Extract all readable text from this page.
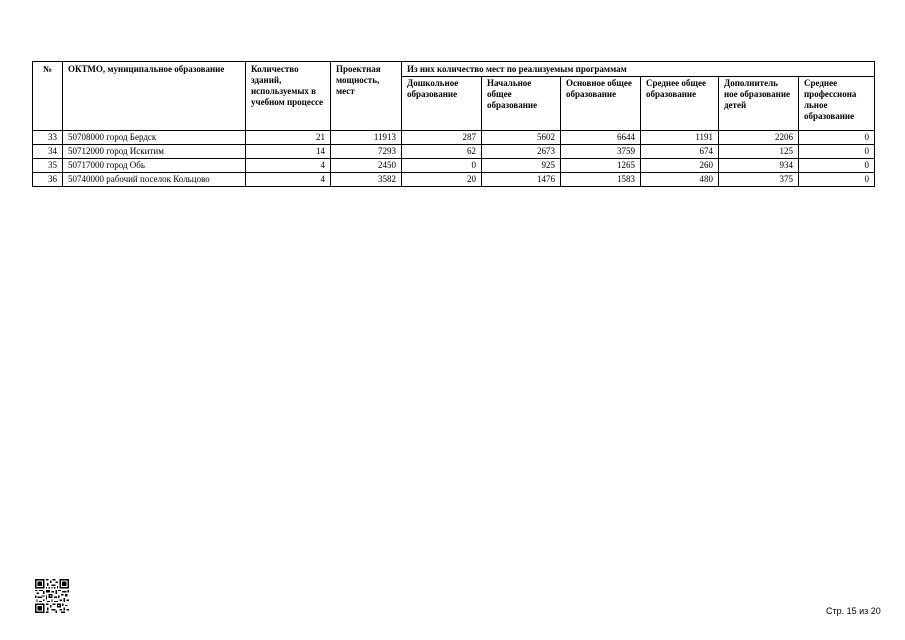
№	ОКТМО, муниципальное образование	Количество зданий, используемых в учебном процессе	Проектная мощность, мест	Из них количество мест по реализуемым программам					
				Дошкольное образование	Начальное общее образование	Основное общее образование	Среднее общее образование	Дополнитель ное образование детей	Среднее профессиона льное образование
33	50708000 город Бердск	21	11913	287	5602	6644	1191	2206	0
34	50712000 город Искитим	14	7293	62	2673	3759	674	125	0
35	50717000 город Обь	4	2450	0	925	1265	260	934	0
36	50740000 рабочий поселок Кольцово	4	3582	20	1476	1583	480	375	0
Стр. 15 из 20
